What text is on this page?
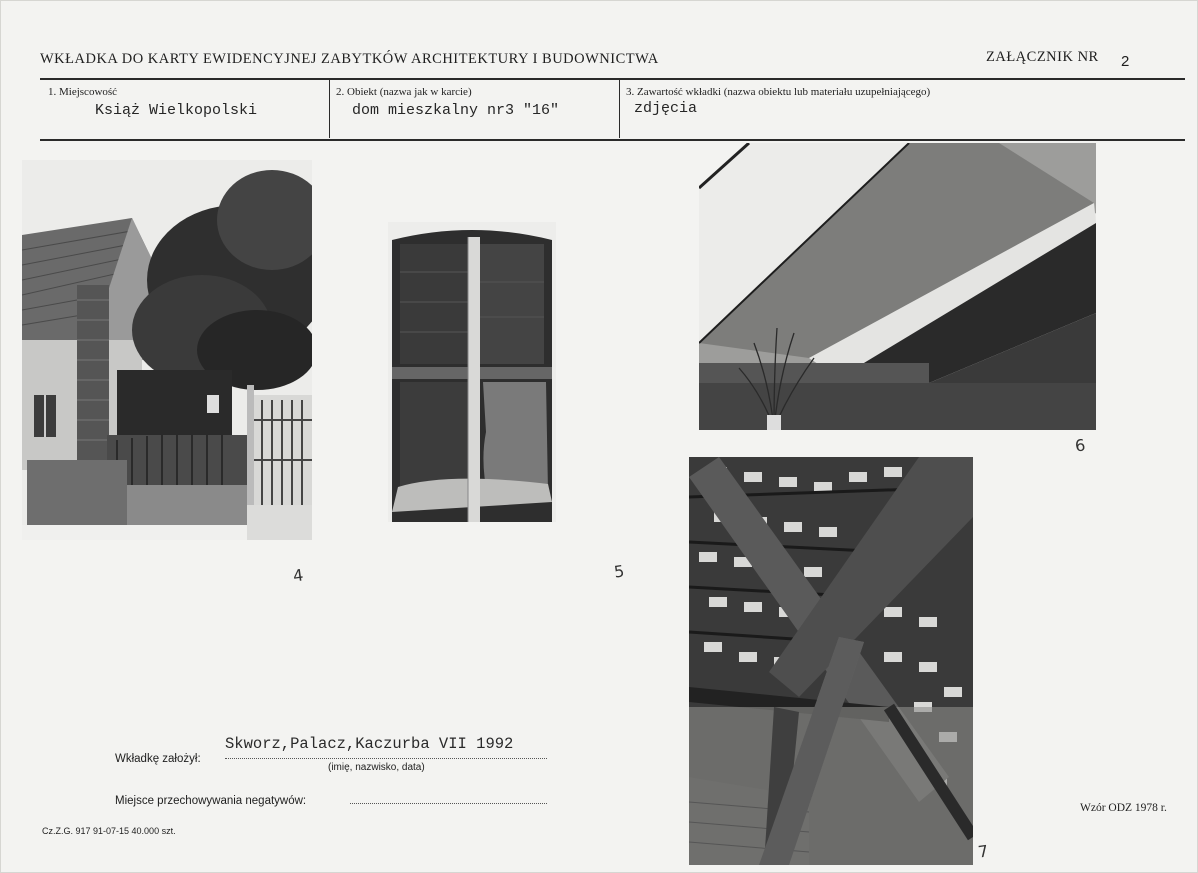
WKŁADKA DO KARTY EWIDENCYJNEJ ZABYTKÓW ARCHITEKTURY I BUDOWNICTWA	ZAŁĄCZNIK NR 2
1. Miejscowość
Książ Wielkopolski
2. Obiekt (nazwa jak w karcie)
dom mieszkalny nr3 "16"
3. Zawartość wkładki (nazwa obiektu lub materiału uzupełniającego)
zdjęcia
4	5
6
7
Wkładkę założył:
Skworz,Palacz,Kaczurba VII 1992
(imię, nazwisko, data)
Miejsce przechowywania negatywów:
Cz.Z.G. 917 91-07-15 40.000 szt.
Wzór ODZ 1978 r.
